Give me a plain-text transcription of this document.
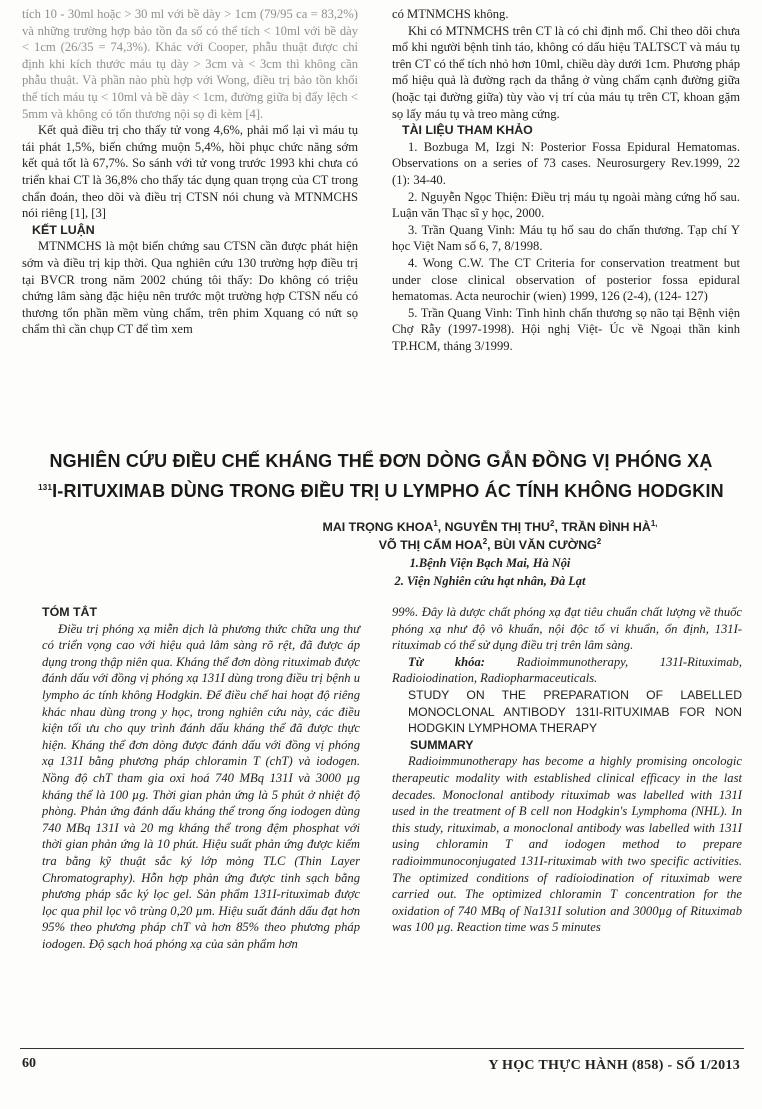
tích 10 - 30ml hoặc > 30 ml với bề dày > 1cm (79/95 ca = 83,2%) và những trường hợp bảo tồn đa số có thể tích < 10ml với bề dày < 1cm (26/35 = 74,3%). Khác với Cooper, phẫu thuật được chỉ định khi kích thước máu tụ dày > 3cm và < 3cm thì không cần phẫu thuật. Và phần nào phù hợp với Wong, điều trị bảo tồn khối thể tích máu tụ < 10ml và bề dày < 1cm, đường giữa bị đẩy lệch < 5mm và không có tổn thương nội sọ đi kèm [4].

Kết quả điều trị cho thấy tử vong 4,6%, phải mổ lại vì máu tụ tái phát 1,5%, biến chứng muộn 5,4%, hồi phục chức năng sớm kết quả tốt là 67,7%. So sánh với tử vong trước 1993 khi chưa có triển khai CT là 36,8% cho thấy tác dụng quan trọng của CT trong chẩn đoán, theo dõi và điều trị CTSN nói chung và MTNMCHS nói riêng [1], [3]

KẾT LUẬN

MTNMCHS là một biến chứng sau CTSN cần được phát hiện sớm và điều trị kịp thời. Qua nghiên cứu 130 trường hợp điều trị tại BVCR trong năm 2002 chúng tôi thấy: Do không có triệu chứng lâm sàng đặc hiệu nên trước một trường hợp CTSN nếu có thương tổn phần mềm vùng chẩm, trên phim Xquang có nứt sọ chẩm thì cần chụp CT để tìm xem

có MTNMCHS không.

Khi có MTNMCHS trên CT là có chỉ định mổ. Chỉ theo dõi chưa mổ khi người bệnh tỉnh táo, không có dấu hiệu TALTSCT và máu tụ trên CT có thể tích nhỏ hơn 10ml, chiều dày dưới 1cm. Phương pháp mổ hiệu quả là đường rạch da thẳng ở vùng chẩm cạnh đường giữa (hoặc tại đường giữa) tùy vào vị trí của máu tụ trên CT, khoan gặm sọ lấy máu tụ và treo màng cứng.

TÀI LIỆU THAM KHẢO

1. Bozbuga M, Izgi N: Posterior Fossa Epidural Hematomas. Observations on a series of 73 cases. Neurosurgery Rev.1999, 22 (1): 34-40.

2. Nguyễn Ngọc Thiện: Điều trị máu tụ ngoài màng cứng hố sau. Luận văn Thạc sĩ y học, 2000.

3. Trần Quang Vinh: Máu tụ hố sau do chấn thương. Tạp chí Y học Việt Nam số 6, 7, 8/1998.

4. Wong C.W. The CT Criteria for conservation treatment but under close clinical observation of posterior fossa epidural hematomas. Acta neurochir (wien) 1999, 126 (2-4), (124- 127)

5. Trần Quang Vinh: Tình hình chấn thương sọ não tại Bệnh viện Chợ Rẫy (1997-1998). Hội nghị Việt- Úc về Ngoại thần kinh TP.HCM, tháng 3/1999.

NGHIÊN CỨU ĐIỀU CHẾ KHÁNG THỂ ĐƠN DÒNG GẮN ĐỒNG VỊ PHÓNG XẠ
$^{131}$I-RITUXIMAB DÙNG TRONG ĐIỀU TRỊ U LYMPHO ÁC TÍNH KHÔNG HODGKIN
MAI TRỌNG KHOA$^1$, NGUYỄN THỊ THU$^2$, TRẦN ĐÌNH $HÀ^{1,}$
VÕ THỊ CẨM HOA$^2$, BÙI VĂN CƯỜNG$^2$
1.Bệnh Viện Bạch Mai, Hà Nội
2. Viện Nghiên cứu hạt nhân, Đà Lạt

TÓM TẮT

Điều trị phóng xạ miễn dịch là phương thức chữa ung thư có triển vọng cao với hiệu quả lâm sàng rõ rệt, đã được áp dụng trong thập niên qua. Kháng thể đơn dòng rituximab được đánh dấu với đồng vị phóng xạ 131I dùng trong điều trị bệnh u lympho ác tính không Hodgkin. Để điều chế hai hoạt độ riêng khác nhau dùng trong y học, trong nghiên cứu này, các điều kiện tối ưu cho quy trình đánh dấu kháng thể đã được thực hiện. Kháng thể đơn dòng được đánh dấu với đồng vị phóng xạ 131I bằng phương pháp chloramin T (chT) và iodogen. Nồng độ chT tham gia oxi hoá 740 MBq 131I và 3000 µg kháng thể là 100 µg. Thời gian phản ứng là 5 phút ở nhiệt độ phòng. Phản ứng đánh dấu kháng thể trong ống iodogen dùng 740 MBq 131I và 20 mg kháng thể trong đệm phosphat với thời gian phản ứng là 10 phút. Hiệu suất phản ứng được kiểm tra bằng kỹ thuật sắc ký lớp mỏng TLC (Thin Layer Chromatography). Hỗn hợp phản ứng được tinh sạch bằng phương pháp sắc ký lọc gel. Sản phẩm 131I-rituximab được lọc qua phil lọc vô trùng 0,20 µm. Hiệu suất đánh dấu đạt hơn 95% theo phương pháp chT và hơn 85% theo phương pháp iodogen. Độ sạch hoá phóng xạ của sản phẩm hơn

99%. Đây là dược chất phóng xạ đạt tiêu chuẩn chất lượng về thuốc phóng xạ như độ vô khuẩn, nội độc tố vi khuẩn, ổn định, 131I-rituximab có thể sử dụng điều trị trên lâm sàng.

Từ khóa:	Radioimmunotherapy, 131I-Rituximab, Radioiodination, Radiopharmaceuticals.

STUDY ON THE PREPARATION OF LABELLED MONOCLONAL ANTIBODY 131I-RITUXIMAB FOR NON HODGKIN LYMPHOMA THERAPY

SUMMARY

Radioimmunotherapy has become a highly promising oncologic therapeutic modality with established clinical efficacy in the last decades. Monoclonal antibody rituximab was labelled with 131I used in the treatment of B cell non Hodgkin's Lymphoma (NHL). In this study, rituximab, a monoclonal antibody was labelled with 131I using chloramin T and iodogen method to prepare radioimmunoconjugated 131I-rituximab with two specific activities. The optimized conditions of radioiodination of rituximab were carried out. The optimized chloramin T concentration for the oxidation of 740 MBq of Na131I solution and 3000µg of Rituximab was 100 µg. Reaction time was 5 minutes

60	Y HỌC THỰC HÀNH (858) - SỐ 1/2013
